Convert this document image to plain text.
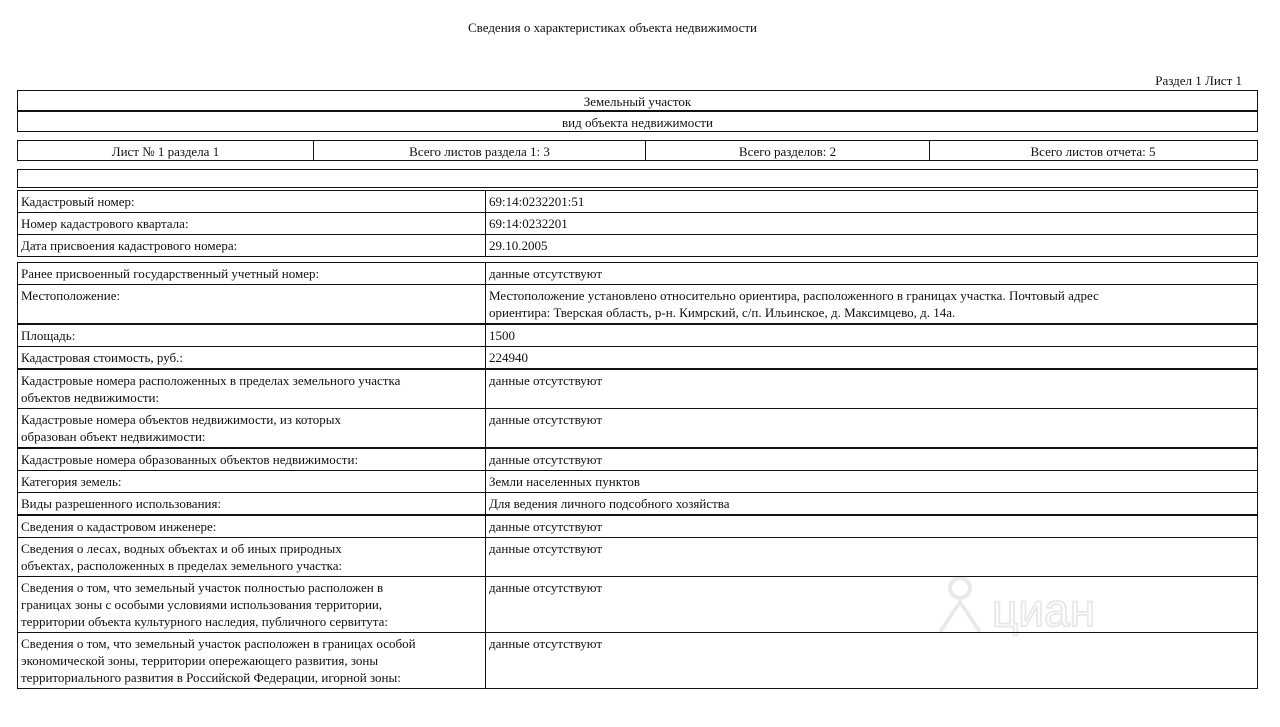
Сведения о характеристиках объекта недвижимости
Раздел 1 Лист 1
Земельный участок
вид объекта недвижимости
Лист № 1 раздела 1	Всего листов раздела 1: 3	Всего разделов: 2	Всего листов отчета: 5
Кадастровый номер:	69:14:0232201:51
Номер кадастрового квартала:	69:14:0232201
Дата присвоения кадастрового номера:	29.10.2005
Ранее присвоенный государственный учетный номер:	данные отсутствуют
Местоположение:	Местоположение установлено относительно ориентира, расположенного в границах участка. Почтовый адрес ориентира: Тверская область, р-н. Кимрский, с/п. Ильинское, д. Максимцево, д. 14а.
Площадь:	1500
Кадастровая стоимость, руб.:	224940
Кадастровые номера расположенных в пределах земельного участка объектов недвижимости:	данные отсутствуют
Кадастровые номера объектов недвижимости, из которых образован объект недвижимости:	данные отсутствуют
Кадастровые номера образованных объектов недвижимости:	данные отсутствуют
Категория земель:	Земли населенных пунктов
Виды разрешенного использования:	Для ведения личного подсобного хозяйства
Сведения о кадастровом инженере:	данные отсутствуют
Сведения о лесах, водных объектах и об иных природных объектах, расположенных в пределах земельного участка:	данные отсутствуют
Сведения о том, что земельный участок полностью расположен в границах зоны с особыми условиями использования территории, территории объекта культурного наследия, публичного сервитута:	данные отсутствуют
Сведения о том, что земельный участок расположен в границах особой экономической зоны, территории опережающего развития, зоны территориального развития в Российской Федерации, игорной зоны:	данные отсутствуют
циан
